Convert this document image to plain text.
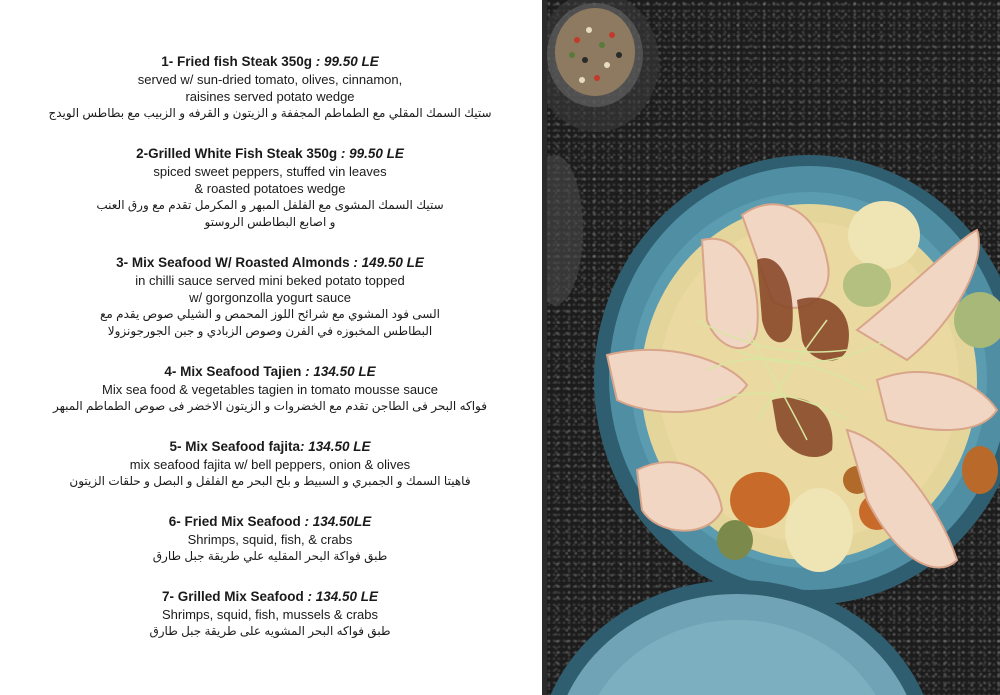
1- Fried fish Steak 350g : 99.50 LE
served w/ sun-dried tomato, olives, cinnamon,
raisines served potato wedge
ستيك السمك المقلي مع الطماطم المجففة و الزيتون و القرفه و الزبيب مع بطاطس الويدج
2-Grilled White Fish Steak 350g : 99.50 LE
spiced sweet peppers, stuffed vin leaves
& roasted potatoes wedge
ستيك السمك المشوى مع الفلفل المبهر و المكرمل تقدم مع ورق العنب
و اصابع البطاطس الروستو
3- Mix Seafood W/ Roasted Almonds : 149.50 LE
in chilli sauce served mini beked potato topped
w/ gorgonzolla yogurt sauce
السى فود المشوي مع شرائح اللوز المحمص و الشيلي صوص يقدم مع
البطاطس المخبوزه في الفرن وصوص الزبادي و جبن الجورجونزولا
4- Mix Seafood Tajien : 134.50 LE
Mix sea food & vegetables tagien in tomato mousse sauce
فواكه البحر فى الطاجن تقدم مع الخضروات و الزيتون الاخضر فى صوص الطماطم المبهر
5- Mix Seafood fajita: 134.50 LE
mix seafood fajita w/ bell peppers, onion & olives
فاهيتا السمك و الجمبري و السبيط و بلح البحر مع الفلفل و البصل و حلقات الزيتون
6- Fried Mix Seafood : 134.50LE
Shrimps, squid, fish, & crabs
طبق فواكة البحر المقليه علي طريقة جبل طارق
7- Grilled Mix Seafood : 134.50 LE
Shrimps, squid, fish, mussels & crabs
طبق فواكه البحر المشويه على طريقة جبل طارق
